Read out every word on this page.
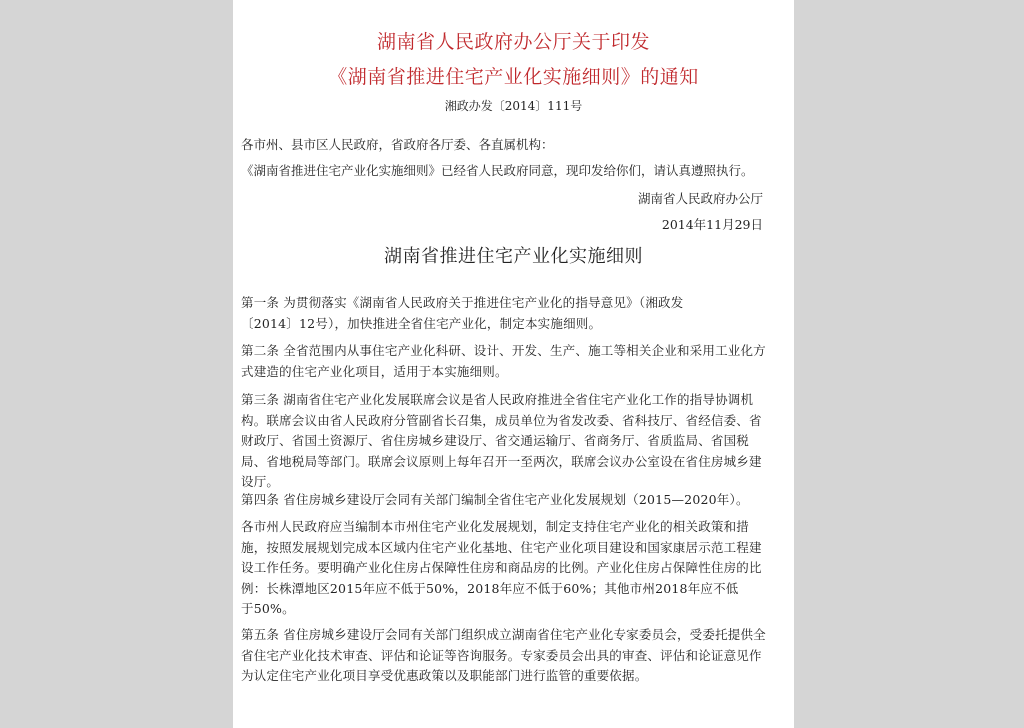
湖南省人民政府办公厅关于印发
《湖南省推进住宅产业化实施细则》的通知
湘政办发〔2014〕111号
各市州、县市区人民政府，省政府各厅委、各直属机构：
《湖南省推进住宅产业化实施细则》已经省人民政府同意，现印发给你们，请认真遵照执行。
湖南省人民政府办公厅
2014年11月29日
湖南省推进住宅产业化实施细则
第一条 为贯彻落实《湖南省人民政府关于推进住宅产业化的指导意见》（湘政发
〔2014〕12号），加快推进全省住宅产业化，制定本实施细则。
第二条 全省范围内从事住宅产业化科研、设计、开发、生产、施工等相关企业和采用工业化方
式建造的住宅产业化项目，适用于本实施细则。
第三条 湖南省住宅产业化发展联席会议是省人民政府推进全省住宅产业化工作的指导协调机
构。联席会议由省人民政府分管副省长召集，成员单位为省发改委、省科技厅、省经信委、省
财政厅、省国土资源厅、省住房城乡建设厅、省交通运输厅、省商务厅、省质监局、省国税
局、省地税局等部门。联席会议原则上每年召开一至两次，联席会议办公室设在省住房城乡建
设厅。
第四条 省住房城乡建设厅会同有关部门编制全省住宅产业化发展规划（2015—2020年）。
各市州人民政府应当编制本市州住宅产业化发展规划，制定支持住宅产业化的相关政策和措
施，按照发展规划完成本区域内住宅产业化基地、住宅产业化项目建设和国家康居示范工程建
设工作任务。要明确产业化住房占保障性住房和商品房的比例。产业化住房占保障性住房的比
例：长株潭地区2015年应不低于50%，2018年应不低于60%；其他市州2018年应不低
于50%。
第五条 省住房城乡建设厅会同有关部门组织成立湖南省住宅产业化专家委员会，受委托提供全
省住宅产业化技术审查、评估和论证等咨询服务。专家委员会出具的审查、评估和论证意见作
为认定住宅产业化项目享受优惠政策以及职能部门进行监管的重要依据。
